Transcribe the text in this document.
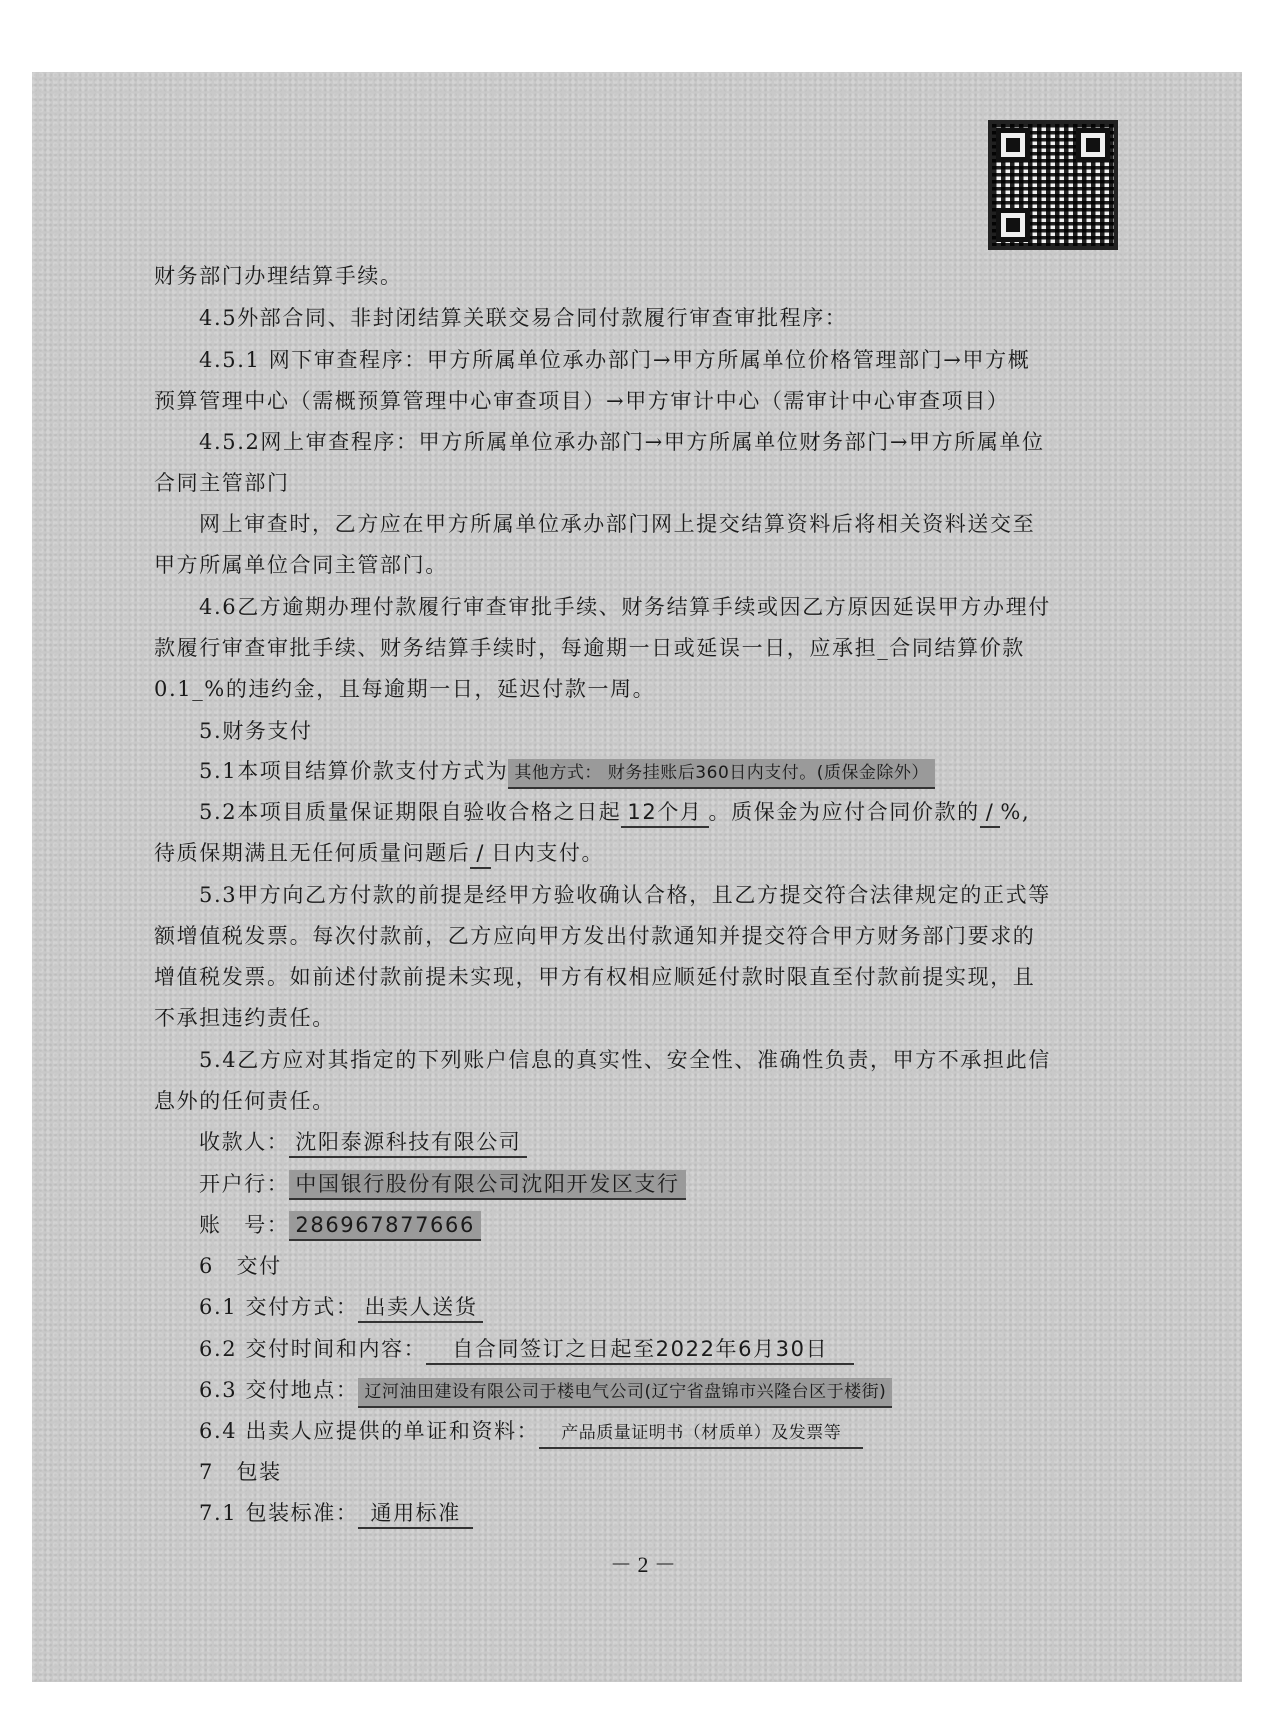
财务部门办理结算手续。
4.5外部合同、非封闭结算关联交易合同付款履行审查审批程序：
4.5.1 网下审查程序：甲方所属单位承办部门→甲方所属单位价格管理部门→甲方概
预算管理中心（需概预算管理中心审查项目）→甲方审计中心（需审计中心审查项目）
4.5.2网上审查程序：甲方所属单位承办部门→甲方所属单位财务部门→甲方所属单位
合同主管部门
网上审查时，乙方应在甲方所属单位承办部门网上提交结算资料后将相关资料送交至
甲方所属单位合同主管部门。
4.6乙方逾期办理付款履行审查审批手续、财务结算手续或因乙方原因延误甲方办理付
款履行审查审批手续、财务结算手续时，每逾期一日或延误一日，应承担_合同结算价款
0.1_%的违约金，且每逾期一日，延迟付款一周。
5.财务支付
5.1本项目结算价款支付方式为 其他方式： 财务挂账后360日内支付。(质保金除外）
5.2本项目质量保证期限自验收合格之日起 12个月 。质保金为应付合同价款的 / %,
待质保期满且无任何质量问题后 / 日内支付。
5.3甲方向乙方付款的前提是经甲方验收确认合格，且乙方提交符合法律规定的正式等
额增值税发票。每次付款前，乙方应向甲方发出付款通知并提交符合甲方财务部门要求的
增值税发票。如前述付款前提未实现，甲方有权相应顺延付款时限直至付款前提实现，且
不承担违约责任。
5.4乙方应对其指定的下列账户信息的真实性、安全性、准确性负责，甲方不承担此信
息外的任何责任。
收款人： 沈阳泰源科技有限公司
开户行： 中国银行股份有限公司沈阳开发区支行
账　号： 286967877666
6　交付
6.1 交付方式： 出卖人送货
6.2 交付时间和内容： 自合同签订之日起至2022年6月30日
6.3 交付地点： 辽河油田建设有限公司于楼电气公司(辽宁省盘锦市兴隆台区于楼街)
6.4 出卖人应提供的单证和资料： 产品质量证明书（材质单）及发票等
7　包装
7.1 包装标准： 通用标准
－ 2 －
